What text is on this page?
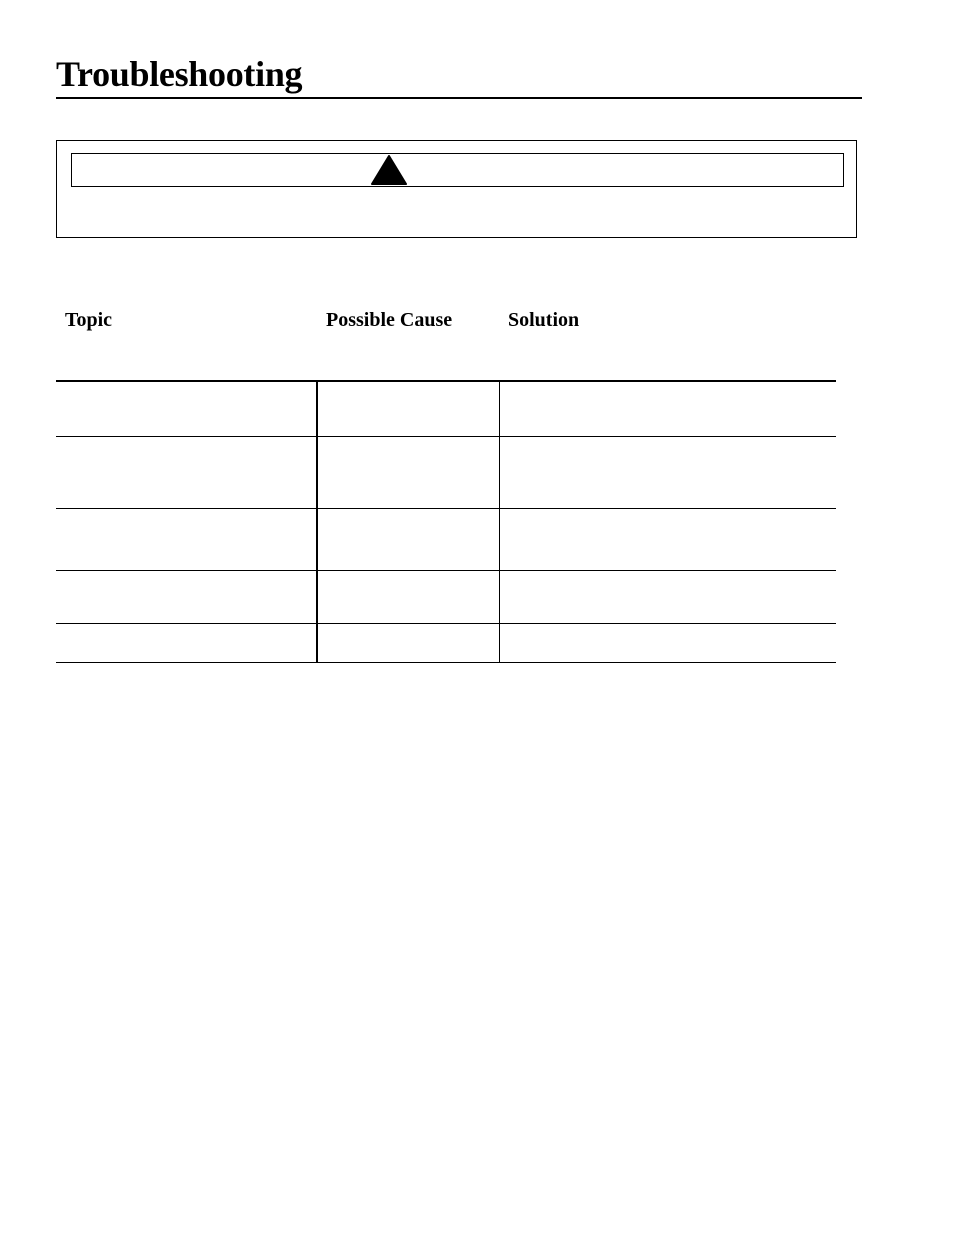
Troubleshooting
Topic	Possible Cause	Solution
